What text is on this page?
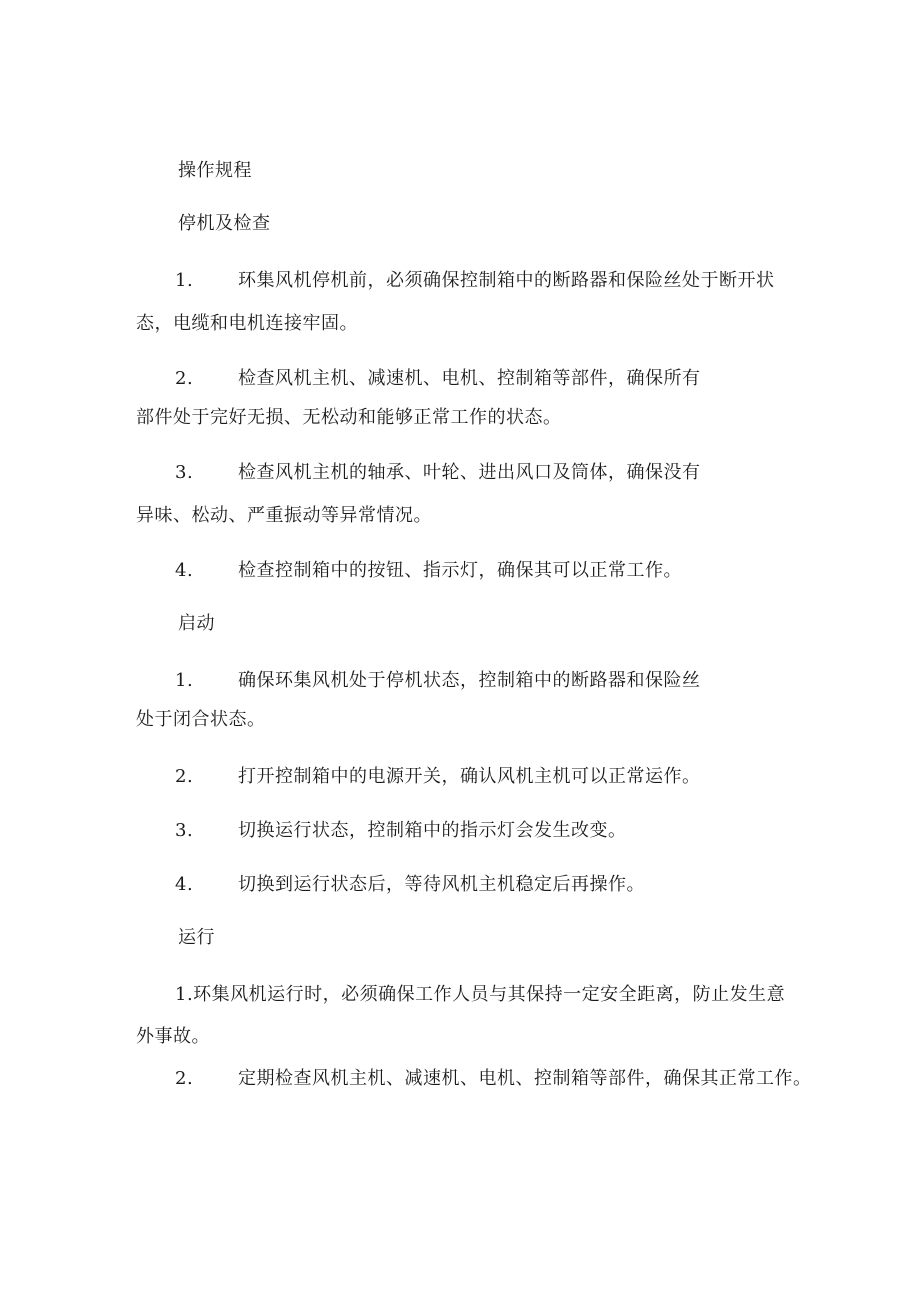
操作规程
停机及检查
1.	环集风机停机前，必须确保控制箱中的断路器和保险丝处于断开状
态，电缆和电机连接牢固。
2.	检查风机主机、减速机、电机、控制箱等部件，确保所有
部件处于完好无损、无松动和能够正常工作的状态。
3.	检查风机主机的轴承、叶轮、进出风口及筒体，确保没有
异味、松动、严重振动等异常情况。
4.	检查控制箱中的按钮、指示灯，确保其可以正常工作。
启动
1.	确保环集风机处于停机状态，控制箱中的断路器和保险丝
处于闭合状态。
2.	打开控制箱中的电源开关，确认风机主机可以正常运作。
3.	切换运行状态，控制箱中的指示灯会发生改变。
4.	切换到运行状态后，等待风机主机稳定后再操作。
运行
1.环集风机运行时，必须确保工作人员与其保持一定安全距离，防止发生意
外事故。
2.	定期检查风机主机、减速机、电机、控制箱等部件，确保其正常工作。
